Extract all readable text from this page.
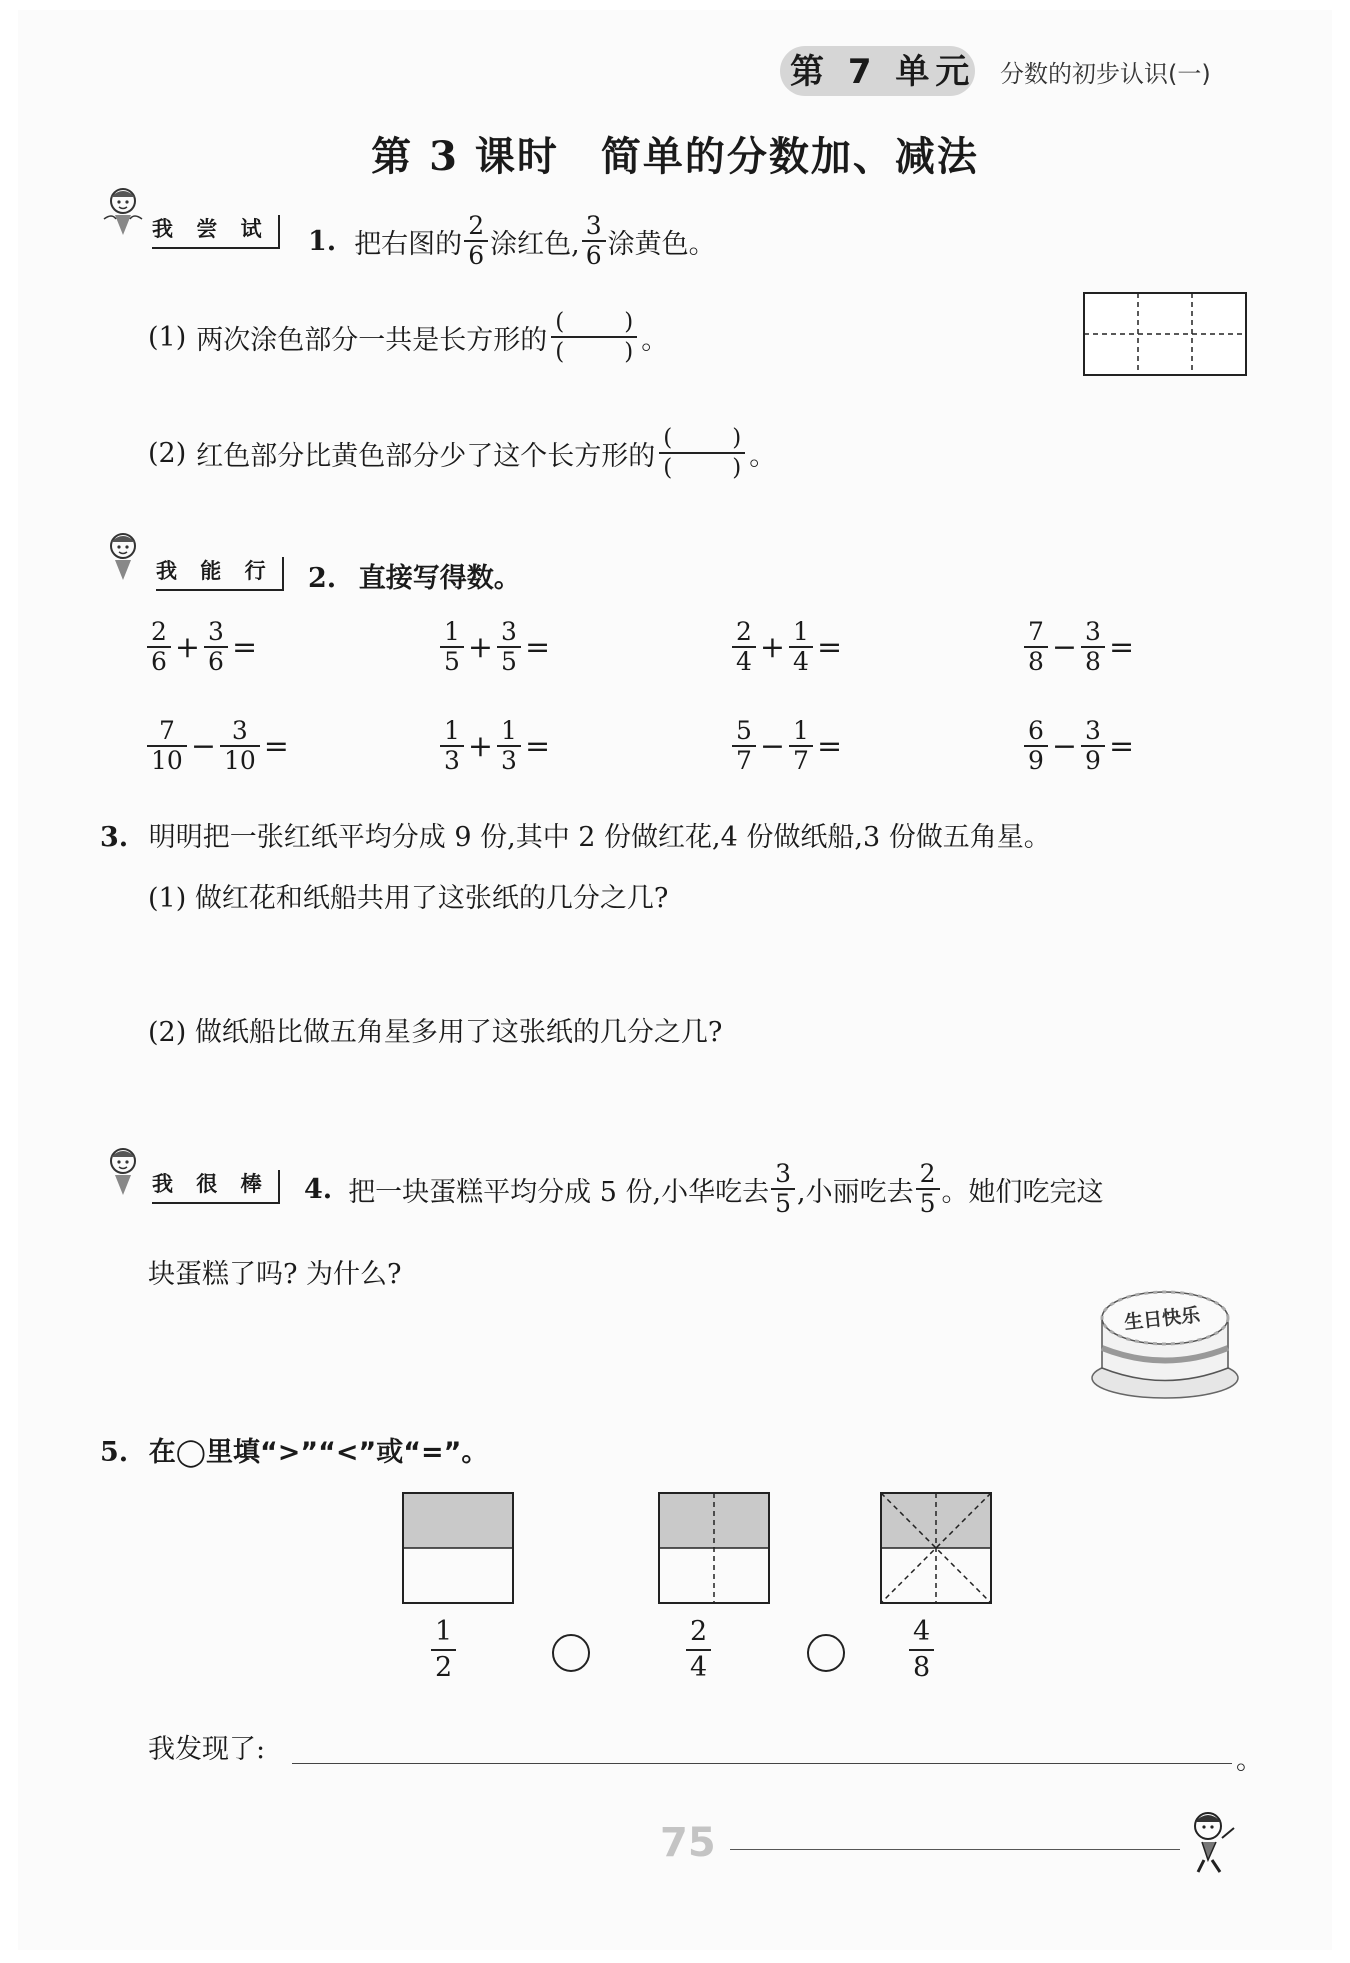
第 7 单元 分数的初步认识(一)
第 3 课时　简单的分数加、减法
我 尝 试	1. 把右图的 $\frac{2}{6}$ 涂红色, $\frac{3}{6}$ 涂黄色。
(1) 两次涂色部分一共是长方形的 (	)
(	) 。
(2) 红色部分比黄色部分少了这个长方形的 (	)
(	) 。
我 能 行	2. 直接写得数。
$\frac{2}{6} + \frac{3}{6}$ =	$\frac{1}{5} + \frac{3}{5}$ =	$\frac{2}{4} + \frac{1}{4}$ =	$\frac{7}{8} - \frac{3}{8}$ =
$\frac{7}{10} - \frac{3}{10}$ =	$\frac{1}{3} + \frac{1}{3}$ =	$\frac{5}{7} - \frac{1}{7}$ =	$\frac{6}{9} - \frac{3}{9}$ =
3. 明明把一张红纸平均分成 9 份,其中 2 份做红花,4 份做纸船,3 份做五角星。
(1) 做红花和纸船共用了这张纸的几分之几?
(2) 做纸船比做五角星多用了这张纸的几分之几?
我 很 棒	4. 把一块蛋糕平均分成 5 份,小华吃去 $\frac{3}{5}$ ,小丽吃去 $\frac{2}{5}$ 。她们吃完这
块蛋糕了吗? 为什么?
生日快乐
5. 在◯里填“>”“<”或“=”。
$\frac{1}{2}$	$\frac{2}{4}$	$\frac{4}{8}$
我发现了:	。
75
